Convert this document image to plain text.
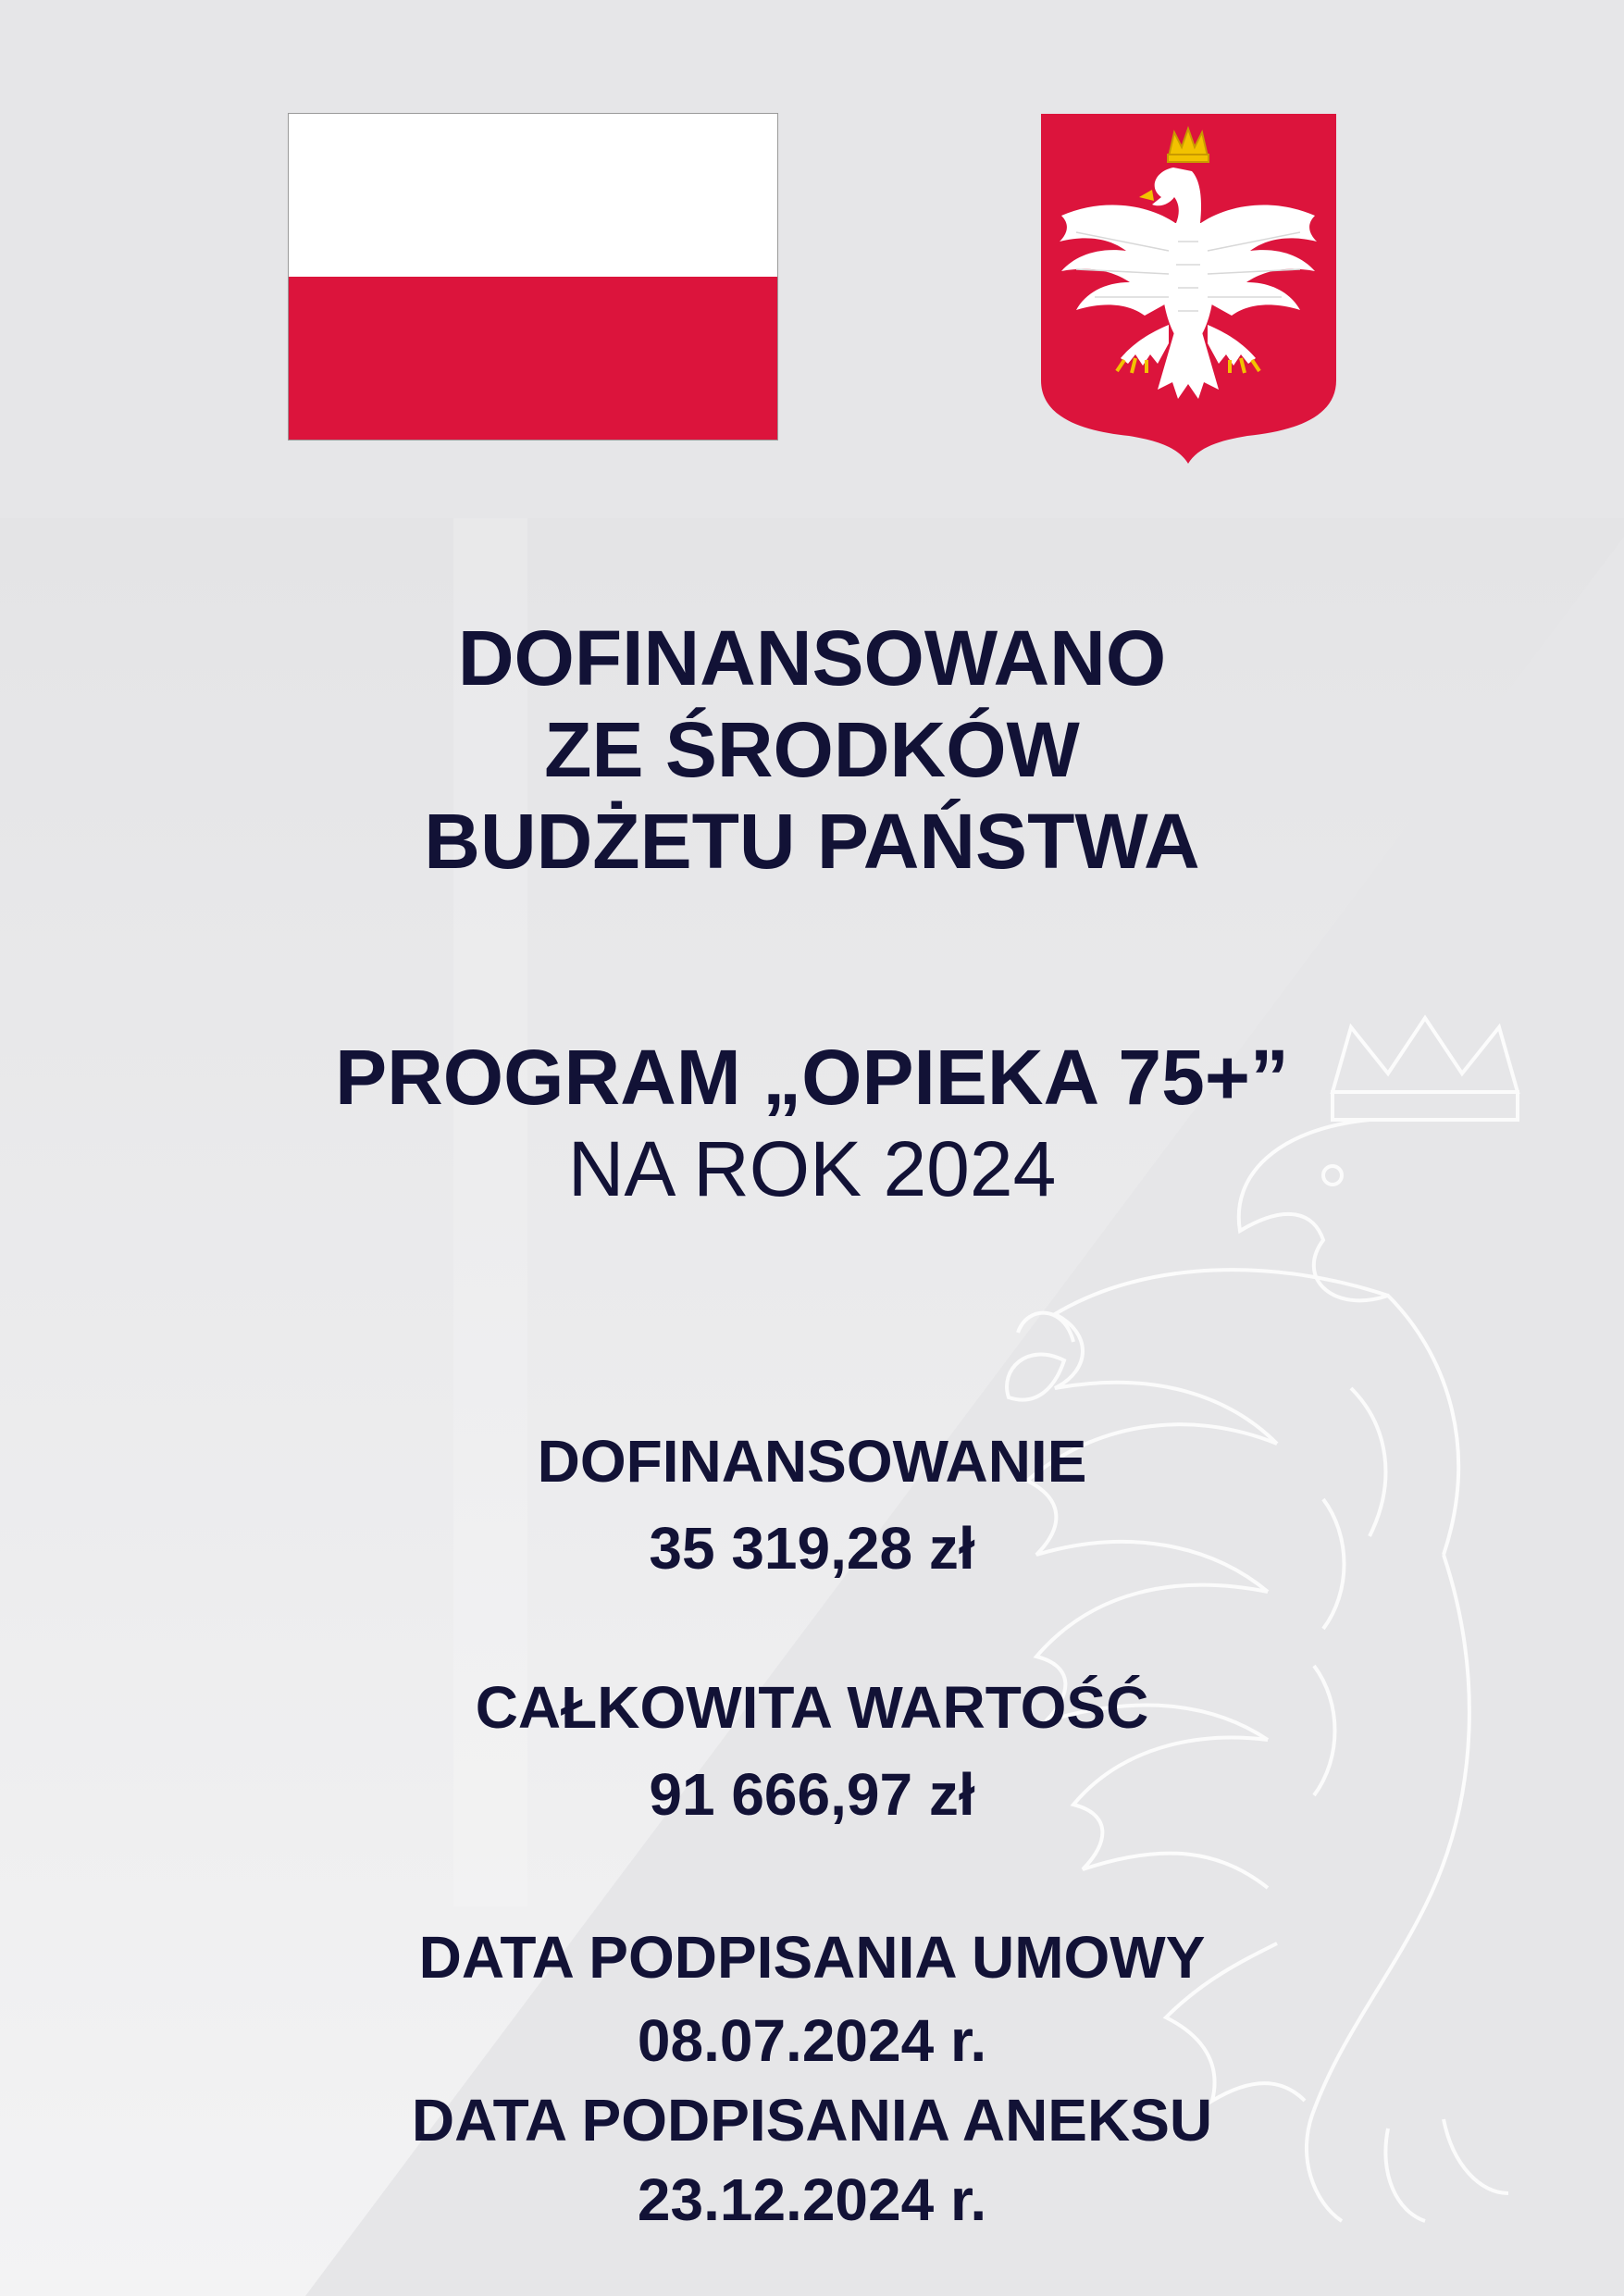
DOFINANSOWANO
ZE ŚRODKÓW
BUDŻETU PAŃSTWA
PROGRAM „OPIEKA 75+”
NA ROK 2024
DOFINANSOWANIE
35 319,28 zł
CAŁKOWITA WARTOŚĆ
91 666,97 zł
DATA PODPISANIA UMOWY
08.07.2024 r.
DATA PODPISANIA ANEKSU
23.12.2024 r.
